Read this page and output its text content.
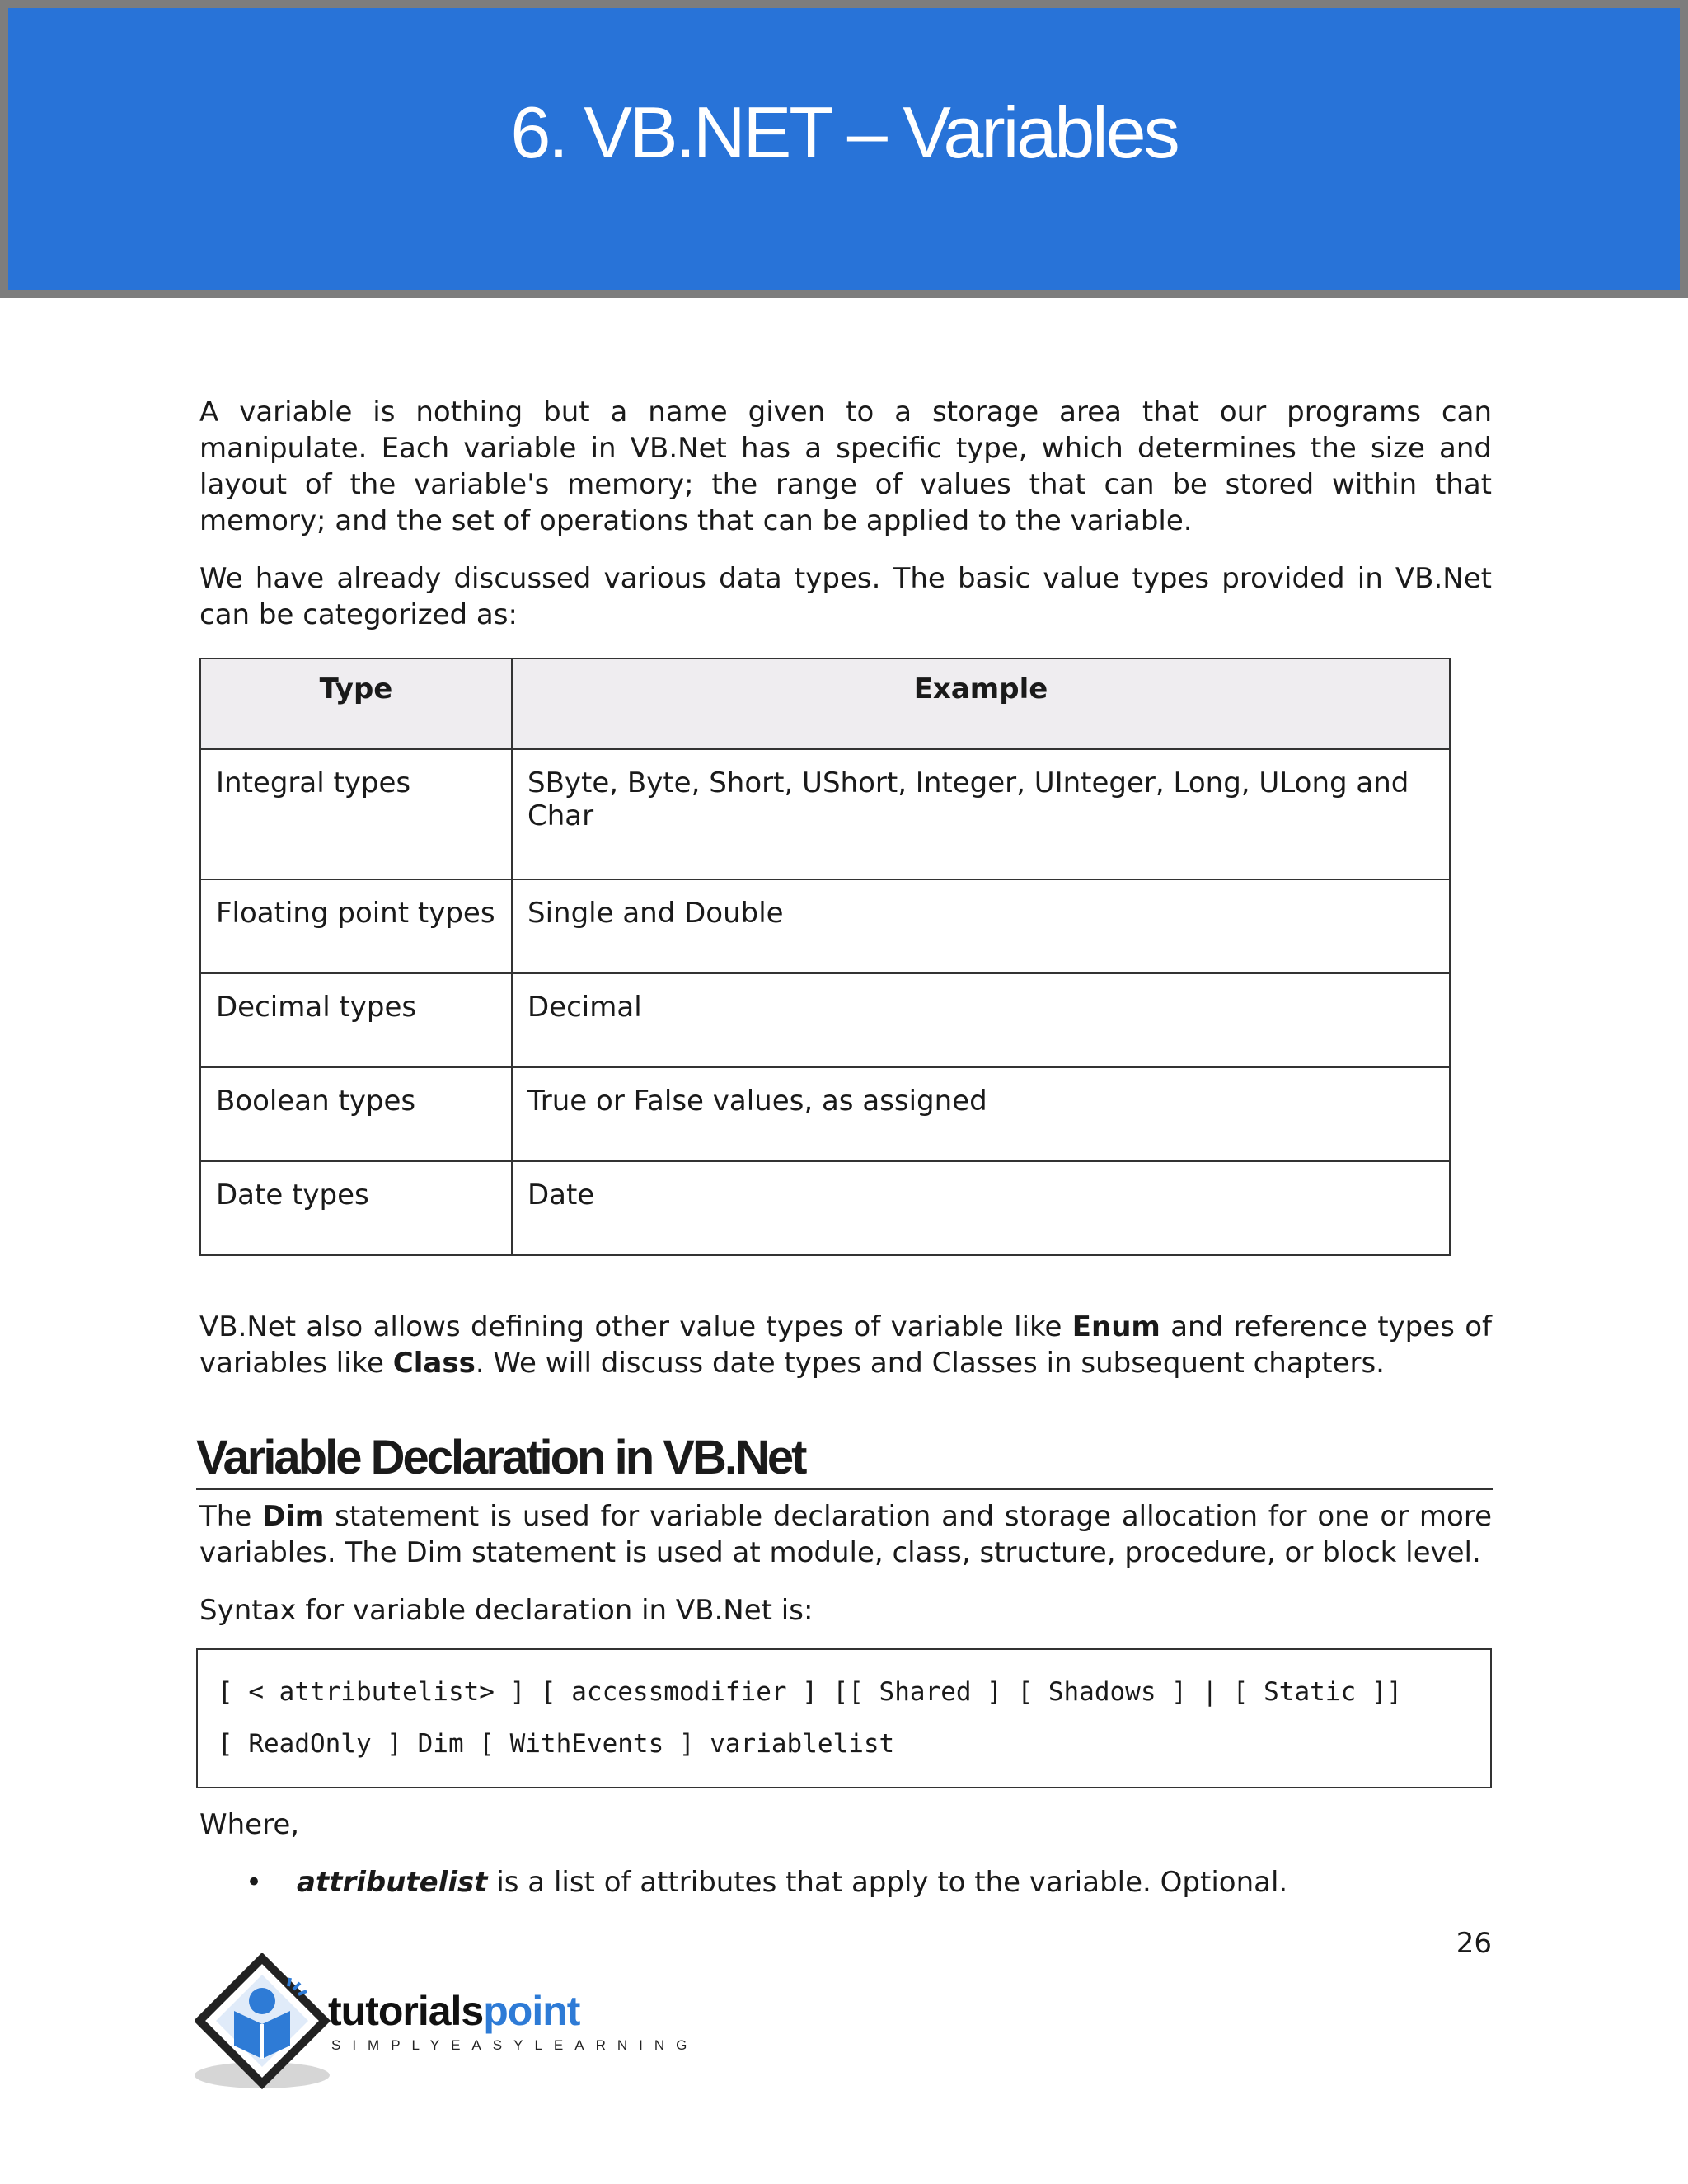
6. VB.NET – Variables

A variable is nothing but a name given to a storage area that our programs can manipulate. Each variable in VB.Net has a specific type, which determines the size and layout of the variable's memory; the range of values that can be stored within that memory; and the set of operations that can be applied to the variable.

We have already discussed various data types. The basic value types provided in VB.Net can be categorized as:

Type	Example
Integral types	SByte, Byte, Short, UShort, Integer, UInteger, Long, ULong and Char
Floating point types	Single and Double
Decimal types	Decimal
Boolean types	True or False values, as assigned
Date types	Date

VB.Net also allows defining other value types of variable like Enum and reference types of variables like Class. We will discuss date types and Classes in subsequent chapters.

Variable Declaration in VB.Net

The Dim statement is used for variable declaration and storage allocation for one or more variables. The Dim statement is used at module, class, structure, procedure, or block level.

Syntax for variable declaration in VB.Net is:

[ < attributelist> ] [ accessmodifier ] [[ Shared ] [ Shadows ] | [ Static ]]
[ ReadOnly ] Dim [ WithEvents ] variablelist

Where,

• attributelist is a list of attributes that apply to the variable. Optional.
26
tutorialspoint
SIMPLYEASYLEARNING
